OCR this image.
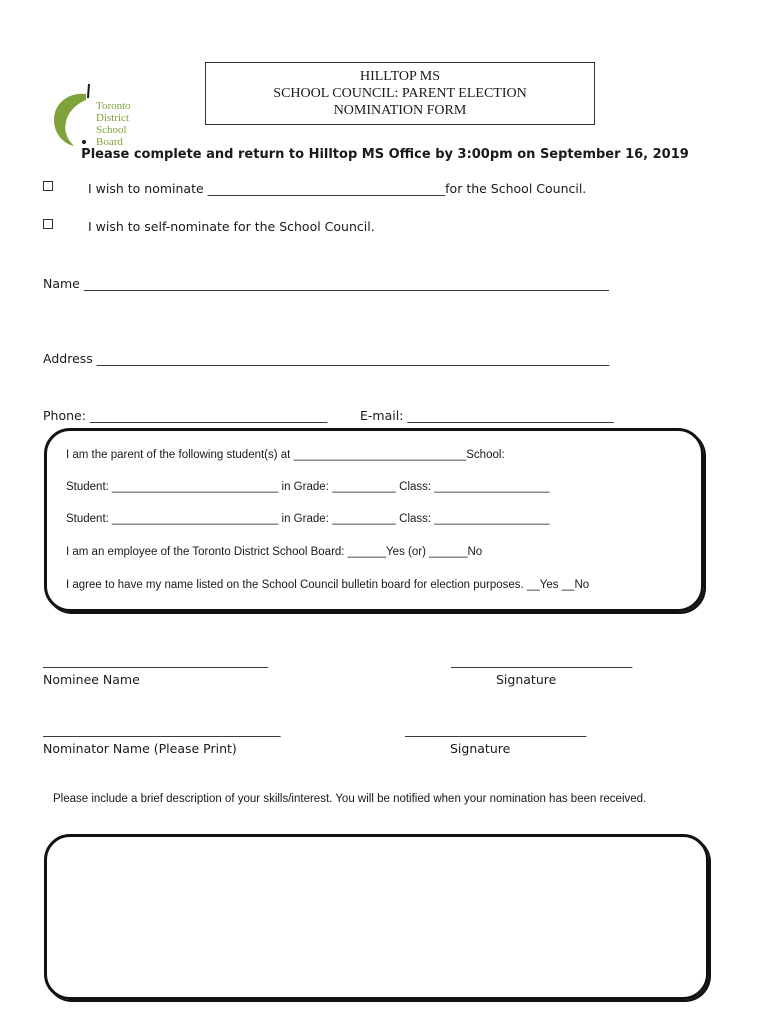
Toronto
District
School
Board
HILLTOP MS
SCHOOL COUNCIL: PARENT ELECTION
NOMINATION FORM
Please complete and return to Hilltop MS Office by 3:00pm on September 16, 2019
I wish to nominate ______________________________________for the School Council.
I wish to self-nominate for the School Council.
Name ____________________________________________________________________________________
Address __________________________________________________________________________________
Phone: ______________________________________	E-mail: _________________________________
I am the parent of the following student(s) at ___________________________School:
Student: __________________________ in Grade: __________ Class: __________________
Student: __________________________ in Grade: __________ Class: __________________
I am an employee of the Toronto District School Board: ______Yes (or) ______No
I agree to have my name listed on the School Council bulletin board for election purposes. __Yes __No
____________________________________
Nominee Name
_____________________________
Signature
______________________________________
Nominator Name (Please Print)
_____________________________
Signature
Please include a brief description of your skills/interest. You will be notified when your nomination has been received.
